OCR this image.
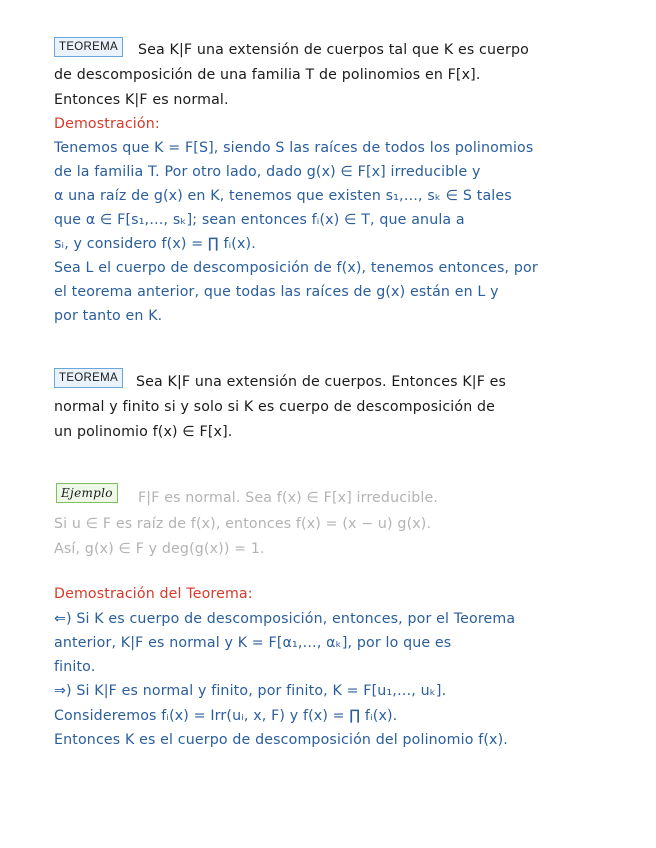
TEOREMA	Sea K|F una extensión de cuerpos tal que K es cuerpo
de descomposición de una familia T de polinomios en F[x].
Entonces K|F es normal.
Demostración:
Tenemos que K = F[S], siendo S las raíces de todos los polinomios
de la familia T. Por otro lado, dado g(x) ∈ F[x] irreducible y
α una raíz de g(x) en K, tenemos que existen s₁,…, sₖ ∈ S tales
que α ∈ F[s₁,…, sₖ]; sean entonces fᵢ(x) ∈ T, que anula a
sᵢ, y considero f(x) = ∏ fᵢ(x).
Sea L el cuerpo de descomposición de f(x), tenemos entonces, por
el teorema anterior, que todas las raíces de g(x) están en L y
por tanto en K.
TEOREMA	Sea K|F una extensión de cuerpos. Entonces K|F es
normal y finito si y solo si K es cuerpo de descomposición de
un polinomio f(x) ∈ F[x].
Ejemplo	F|F es normal. Sea f(x) ∈ F[x] irreducible.
Si u ∈ F es raíz de f(x), entonces f(x) = (x − u) g(x).
Así, g(x) ∈ F y deg(g(x)) = 1.
Demostración del Teorema:
⇐) Si K es cuerpo de descomposición, entonces, por el Teorema
anterior, K|F es normal y K = F[α₁,…, αₖ], por lo que es
finito.
⇒) Si K|F es normal y finito, por finito, K = F[u₁,…, uₖ].
Consideremos fᵢ(x) = Irr(uᵢ, x, F) y f(x) = ∏ fᵢ(x).
Entonces K es el cuerpo de descomposición del polinomio f(x).
